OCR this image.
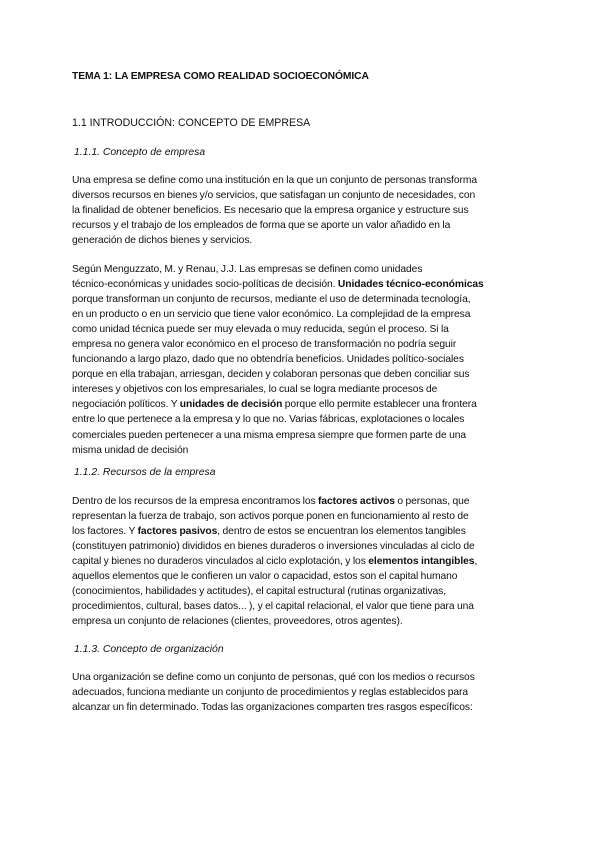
TEMA 1: LA EMPRESA COMO REALIDAD SOCIOECONÓMICA
1.1 INTRODUCCIÓN: CONCEPTO DE EMPRESA
1.1.1. Concepto de empresa
Una empresa se define como una institución en la que un conjunto de personas transforma
diversos recursos en bienes y/o servicios, que satisfagan un conjunto de necesidades, con
la finalidad de obtener beneficios. Es necesario que la empresa organice y estructure sus
recursos y el trabajo de los empleados de forma que se aporte un valor añadido en la
generación de dichos bienes y servicios.
Según Menguzzato, M. y Renau, J.J. Las empresas se definen como unidades
técnico-económicas y unidades socio-políticas de decisión. Unidades técnico-económicas
porque transforman un conjunto de recursos, mediante el uso de determinada tecnología,
en un producto o en un servicio que tiene valor económico. La complejidad de la empresa
como unidad técnica puede ser muy elevada o muy reducida, según el proceso. Si la
empresa no genera valor económico en el proceso de transformación no podría seguir
funcionando a largo plazo, dado que no obtendría beneficios. Unidades político-sociales
porque en ella trabajan, arriesgan, deciden y colaboran personas que deben conciliar sus
intereses y objetivos con los empresariales, lo cual se logra mediante procesos de
negociación políticos. Y unidades de decisión porque ello permite establecer una frontera
entre lo que pertenece a la empresa y lo que no. Varias fábricas, explotaciones o locales
comerciales pueden pertenecer a una misma empresa siempre que formen parte de una
misma unidad de decisión
1.1.2. Recursos de la empresa
Dentro de los recursos de la empresa encontramos los factores activos o personas, que
representan la fuerza de trabajo, son activos porque ponen en funcionamiento al resto de
los factores. Y factores pasivos, dentro de estos se encuentran los elementos tangibles
(constituyen patrimonio) divididos en bienes duraderos o inversiones vinculadas al ciclo de
capital y bienes no duraderos vinculados al ciclo explotación, y los elementos intangibles,
aquellos elementos que le confieren un valor o capacidad, estos son el capital humano
(conocimientos, habilidades y actitudes), el capital estructural (rutinas organizativas,
procedimientos, cultural, bases datos... ), y el capital relacional, el valor que tiene para una
empresa un conjunto de relaciones (clientes, proveedores, otros agentes).
1.1.3. Concepto de organización
Una organización se define como un conjunto de personas, qué con los medios o recursos
adecuados, funciona mediante un conjunto de procedimientos y reglas establecidos para
alcanzar un fin determinado. Todas las organizaciones comparten tres rasgos específicos:
